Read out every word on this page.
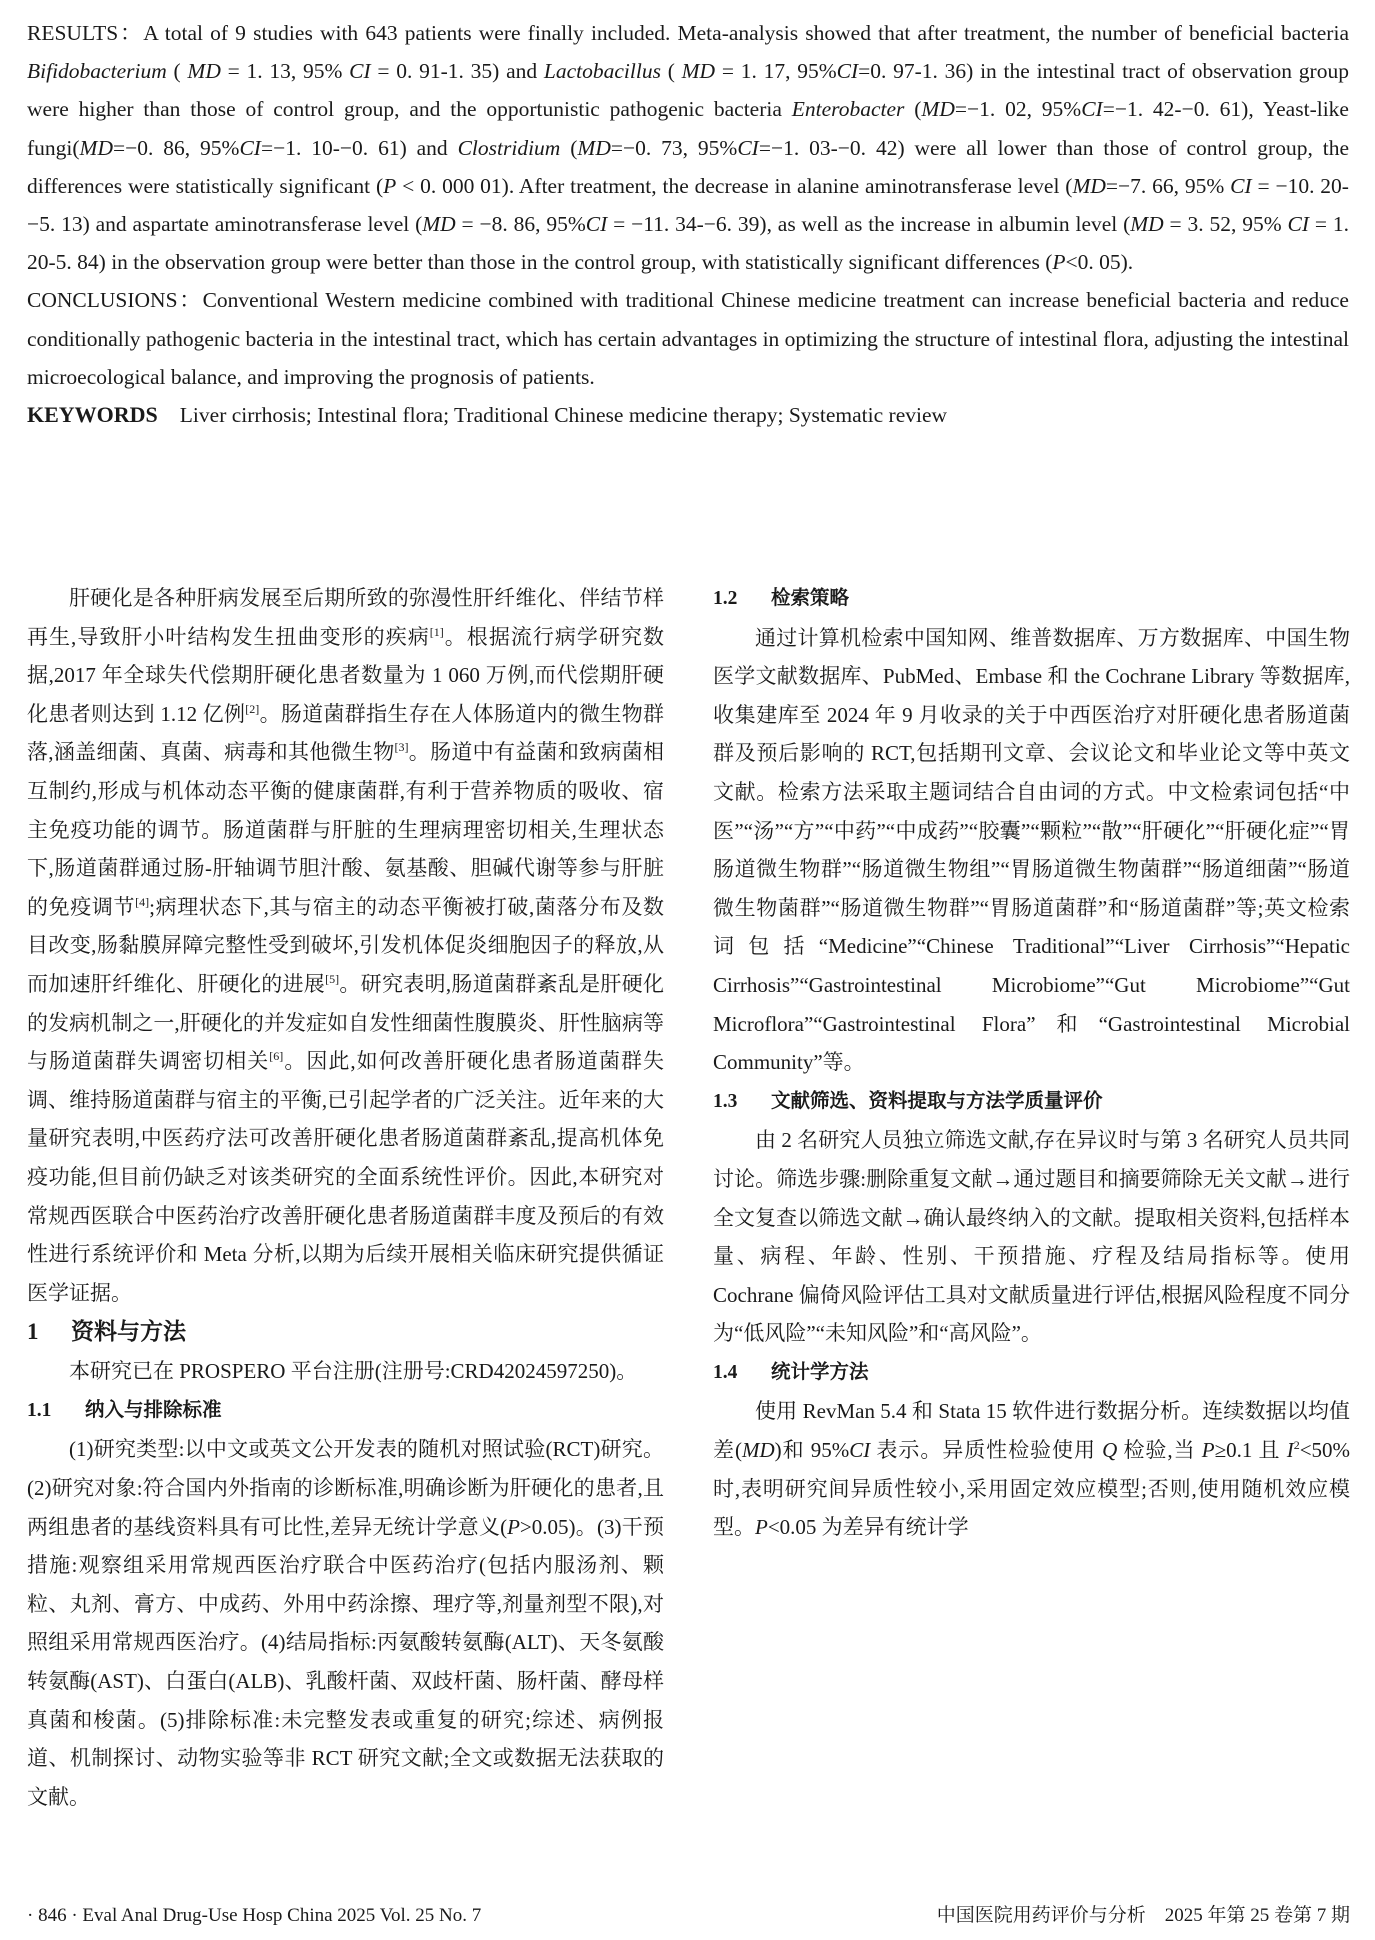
RESULTS：A total of 9 studies with 643 patients were finally included. Meta-analysis showed that after treatment, the number of beneficial bacteria Bifidobacterium ( MD = 1. 13, 95% CI = 0. 91-1. 35) and Lactobacillus ( MD = 1. 17, 95%CI=0. 97-1. 36) in the intestinal tract of observation group were higher than those of control group, and the opportunistic pathogenic bacteria Enterobacter (MD=−1. 02, 95%CI=−1. 42-−0. 61), Yeast-like fungi(MD=−0. 86, 95%CI=−1. 10-−0. 61) and Clostridium (MD=−0. 73, 95%CI=−1. 03-−0. 42) were all lower than those of control group, the differences were statistically significant (P < 0. 000 01). After treatment, the decrease in alanine aminotransferase level (MD=−7. 66, 95% CI = −10. 20-−5. 13) and aspartate aminotransferase level (MD = −8. 86, 95%CI = −11. 34-−6. 39), as well as the increase in albumin level (MD = 3. 52, 95% CI = 1. 20-5. 84) in the observation group were better than those in the control group, with statistically significant differences (P<0. 05).

CONCLUSIONS：Conventional Western medicine combined with traditional Chinese medicine treatment can increase beneficial bacteria and reduce conditionally pathogenic bacteria in the intestinal tract, which has certain advantages in optimizing the structure of intestinal flora, adjusting the intestinal microecological balance, and improving the prognosis of patients.

KEYWORDS Liver cirrhosis; Intestinal flora; Traditional Chinese medicine therapy; Systematic review

肝硬化是各种肝病发展至后期所致的弥漫性肝纤维化、伴结节样再生,导致肝小叶结构发生扭曲变形的疾病[1]。根据流行病学研究数据,2017 年全球失代偿期肝硬化患者数量为 1 060 万例,而代偿期肝硬化患者则达到 1.12 亿例[2]。肠道菌群指生存在人体肠道内的微生物群落,涵盖细菌、真菌、病毒和其他微生物[3]。肠道中有益菌和致病菌相互制约,形成与机体动态平衡的健康菌群,有利于营养物质的吸收、宿主免疫功能的调节。肠道菌群与肝脏的生理病理密切相关,生理状态下,肠道菌群通过肠-肝轴调节胆汁酸、氨基酸、胆碱代谢等参与肝脏的免疫调节[4];病理状态下,其与宿主的动态平衡被打破,菌落分布及数目改变,肠黏膜屏障完整性受到破坏,引发机体促炎细胞因子的释放,从而加速肝纤维化、肝硬化的进展[5]。研究表明,肠道菌群紊乱是肝硬化的发病机制之一,肝硬化的并发症如自发性细菌性腹膜炎、肝性脑病等与肠道菌群失调密切相关[6]。因此,如何改善肝硬化患者肠道菌群失调、维持肠道菌群与宿主的平衡,已引起学者的广泛关注。近年来的大量研究表明,中医药疗法可改善肝硬化患者肠道菌群紊乱,提高机体免疫功能,但目前仍缺乏对该类研究的全面系统性评价。因此,本研究对常规西医联合中医药治疗改善肝硬化患者肠道菌群丰度及预后的有效性进行系统评价和 Meta 分析,以期为后续开展相关临床研究提供循证医学证据。

1 资料与方法

本研究已在 PROSPERO 平台注册(注册号:CRD42024597250)。

1.1 纳入与排除标准

(1)研究类型:以中文或英文公开发表的随机对照试验(RCT)研究。(2)研究对象:符合国内外指南的诊断标准,明确诊断为肝硬化的患者,且两组患者的基线资料具有可比性,差异无统计学意义(P>0.05)。(3)干预措施:观察组采用常规西医治疗联合中医药治疗(包括内服汤剂、颗粒、丸剂、膏方、中成药、外用中药涂擦、理疗等,剂量剂型不限),对照组采用常规西医治疗。(4)结局指标:丙氨酸转氨酶(ALT)、天冬氨酸转氨酶(AST)、白蛋白(ALB)、乳酸杆菌、双歧杆菌、肠杆菌、酵母样真菌和梭菌。(5)排除标准:未完整发表或重复的研究;综述、病例报道、机制探讨、动物实验等非 RCT 研究文献;全文或数据无法获取的文献。

1.2 检索策略

通过计算机检索中国知网、维普数据库、万方数据库、中国生物医学文献数据库、PubMed、Embase 和 the Cochrane Library 等数据库,收集建库至 2024 年 9 月收录的关于中西医治疗对肝硬化患者肠道菌群及预后影响的 RCT,包括期刊文章、会议论文和毕业论文等中英文文献。检索方法采取主题词结合自由词的方式。中文检索词包括“中医”“汤”“方”“中药”“中成药”“胶囊”“颗粒”“散”“肝硬化”“肝硬化症”“胃肠道微生物群”“肠道微生物组”“胃肠道微生物菌群”“肠道细菌”“肠道微生物菌群”“肠道微生物群”“胃肠道菌群”和“肠道菌群”等;英文检索词包括“Medicine”“Chinese Traditional”“Liver Cirrhosis”“Hepatic Cirrhosis”“Gastrointestinal Microbiome”“Gut Microbiome”“Gut Microflora”“Gastrointestinal Flora”和“Gastrointestinal Microbial Community”等。

1.3 文献筛选、资料提取与方法学质量评价

由 2 名研究人员独立筛选文献,存在异议时与第 3 名研究人员共同讨论。筛选步骤:删除重复文献→通过题目和摘要筛除无关文献→进行全文复查以筛选文献→确认最终纳入的文献。提取相关资料,包括样本量、病程、年龄、性别、干预措施、疗程及结局指标等。使用 Cochrane 偏倚风险评估工具对文献质量进行评估,根据风险程度不同分为“低风险”“未知风险”和“高风险”。

1.4 统计学方法

使用 RevMan 5.4 和 Stata 15 软件进行数据分析。连续数据以均值差(MD)和 95%CI 表示。异质性检验使用 Q 检验,当 P≥0.1 且 $I^2<50\%$时,表明研究间异质性较小,采用固定效应模型;否则,使用随机效应模型。P<0.05 为差异有统计学

· 846 · Eval Anal Drug-Use Hosp China 2025 Vol. 25 No. 7	中国医院用药评价与分析　2025 年第 25 卷第 7 期
